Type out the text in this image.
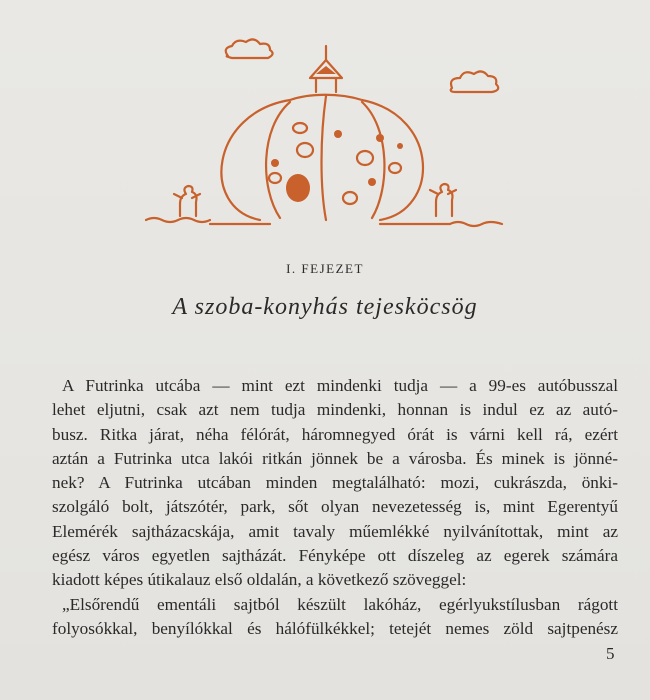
I. FEJEZET
A szoba-konyhás tejesköcsög
A Futrinka utcába — mint ezt mindenki tudja — a 99-es autóbusszal
lehet eljutni, csak azt nem tudja mindenki, honnan is indul ez az autó-
busz. Ritka járat, néha félórát, háromnegyed órát is várni kell rá, ezért
aztán a Futrinka utca lakói ritkán jönnek be a városba. És minek is jönné-
nek? A Futrinka utcában minden megtalálható: mozi, cukrászda, önki-
szolgáló bolt, játszótér, park, sőt olyan nevezetesség is, mint Egerentyű
Elemérék sajtházacskája, amit tavaly műemlékké nyilvánítottak, mint az
egész város egyetlen sajtházát. Fényképe ott díszeleg az egerek számára
kiadott képes útikalauz első oldalán, a következő szöveggel:
„Elsőrendű ementáli sajtból készült lakóház, egérlyukstílusban rágott
folyosókkal, benyílókkal és hálófülkékkel; tetejét nemes zöld sajtpenész
5
